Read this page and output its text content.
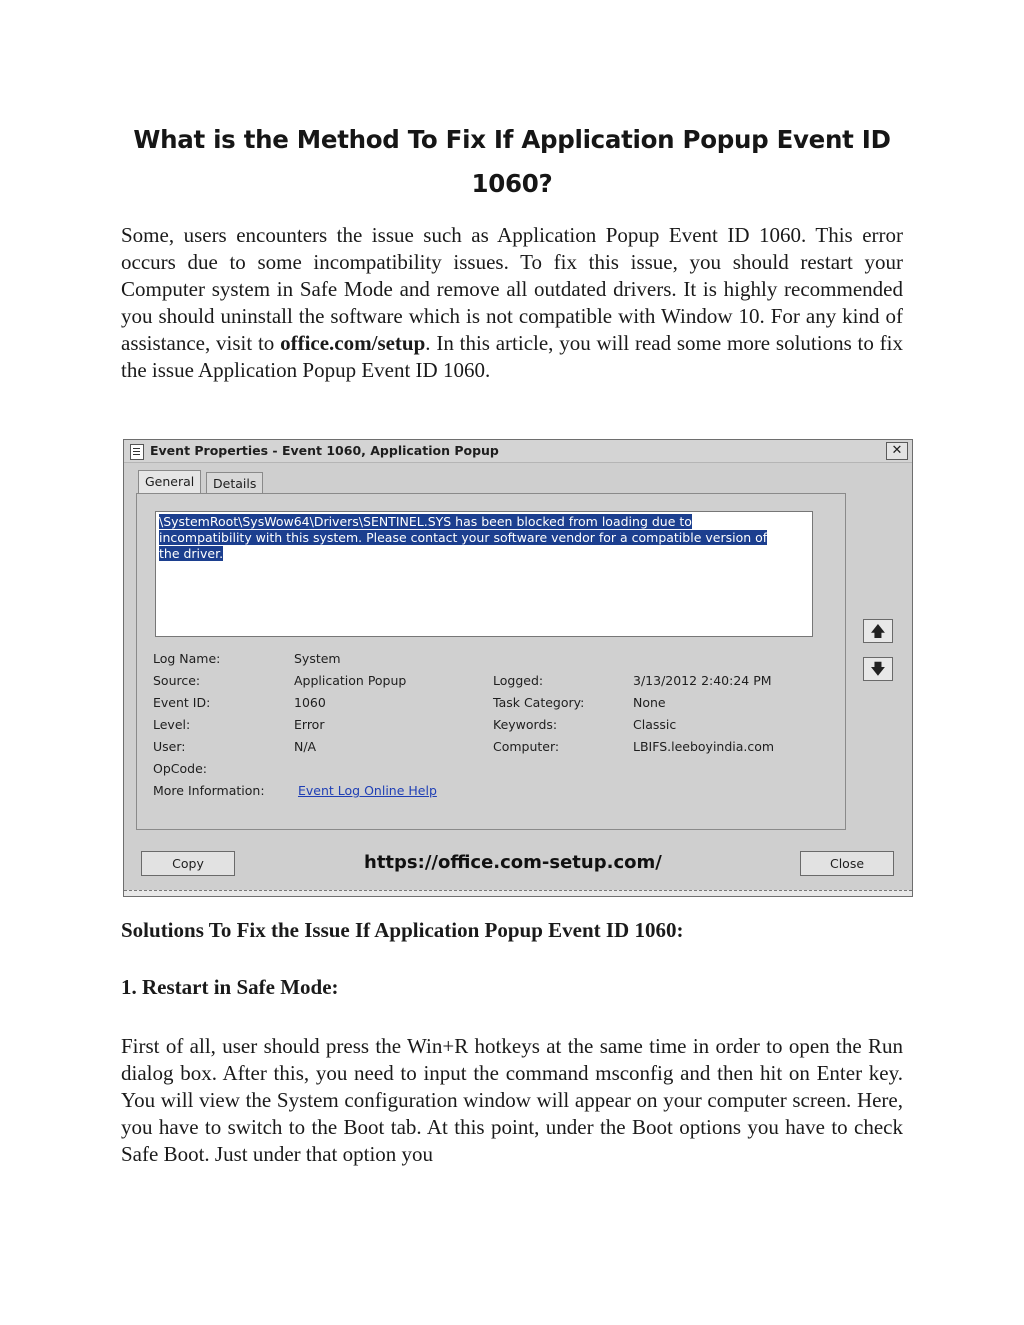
What is the Method To Fix If Application Popup Event ID
1060?

Some, users encounters the issue such as Application Popup Event ID 1060. This error occurs due to some incompatibility issues. To fix this issue, you should restart your Computer system in Safe Mode and remove all outdated drivers. It is highly recommended you should uninstall the software which is not compatible with Window 10. For any kind of assistance, visit to office.com/setup. In this article, you will read some more solutions to fix the issue Application Popup Event ID 1060.

Event Properties - Event 1060, Application Popup	✕
General	Details
\SystemRoot\SysWow64\Drivers\SENTINEL.SYS has been blocked from loading due to
incompatibility with this system. Please contact your software vendor for a compatible version of
the driver.
Log Name:	System
Source:	Application Popup	Logged:	3/13/2012 2:40:24 PM
Event ID:	1060	Task Category:	None
Level:	Error	Keywords:	Classic
User:	N/A	Computer:	LBIFS.leeboyindia.com
OpCode:
More Information:	Event Log Online Help
🡅
🡇
Copy	https://office.com-setup.com/	Close
Solutions To Fix the Issue If Application Popup Event ID 1060:
1. Restart in Safe Mode:

First of all, user should press the Win+R hotkeys at the same time in order to open the Run dialog box. After this, you need to input the command msconfig and then hit on Enter key. You will view the System configuration window will appear on your computer screen. Here, you have to switch to the Boot tab. At this point, under the Boot options you have to check Safe Boot. Just under that option you
